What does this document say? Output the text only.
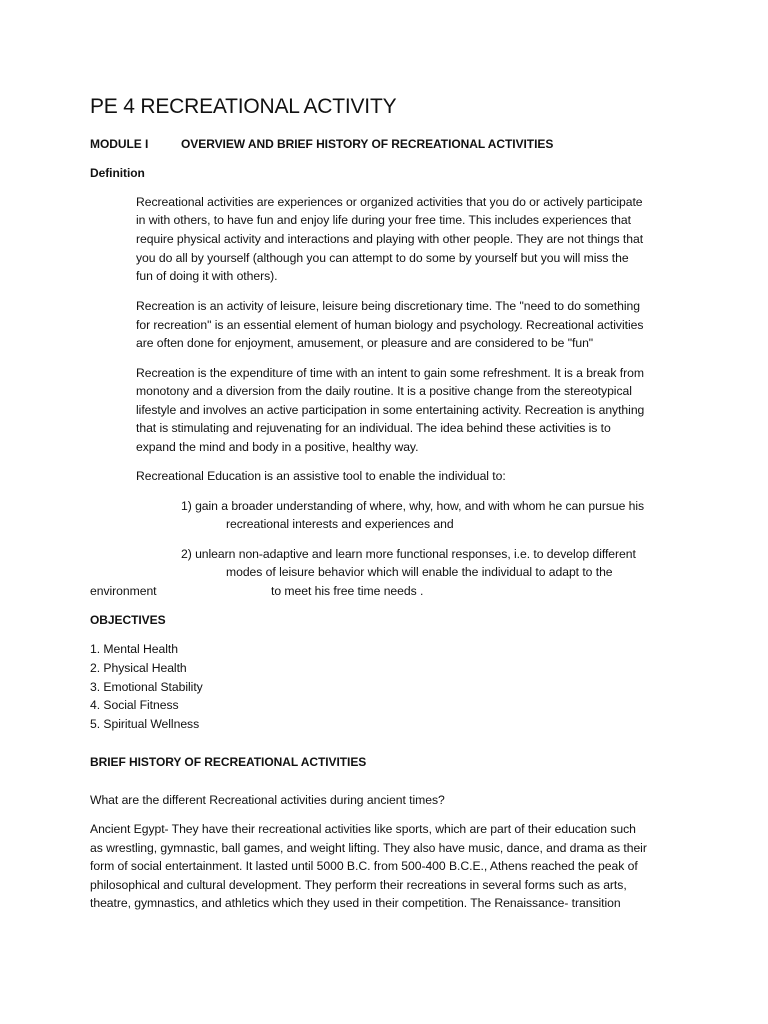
PE 4 RECREATIONAL ACTIVITY
MODULE I	OVERVIEW AND BRIEF HISTORY OF RECREATIONAL ACTIVITIES
Definition
Recreational activities are experiences or organized activities that you do or actively participate
in with others, to have fun and enjoy life during your free time. This includes experiences that
require physical activity and interactions and playing with other people. They are not things that
you do all by yourself (although you can attempt to do some by yourself but you will miss the
fun of doing it with others).
Recreation is an activity of leisure, leisure being discretionary time. The "need to do something
for recreation" is an essential element of human biology and psychology. Recreational activities
are often done for enjoyment, amusement, or pleasure and are considered to be "fun"
Recreation is the expenditure of time with an intent to gain some refreshment. It is a break from
monotony and a diversion from the daily routine. It is a positive change from the stereotypical
lifestyle and involves an active participation in some entertaining activity. Recreation is anything
that is stimulating and rejuvenating for an individual. The idea behind these activities is to
expand the mind and body in a positive, healthy way.
Recreational Education is an assistive tool to enable the individual to:
1) gain a broader understanding of where, why, how, and with whom he can pursue his
recreational interests and experiences and
2) unlearn non-adaptive and learn more functional responses, i.e. to develop different
modes of leisure behavior which will enable the individual to adapt to the
environment	to meet his free time needs .
OBJECTIVES
1. Mental Health
2. Physical Health
3. Emotional Stability
4. Social Fitness
5. Spiritual Wellness
BRIEF HISTORY OF RECREATIONAL ACTIVITIES
What are the different Recreational activities during ancient times?
Ancient Egypt- They have their recreational activities like sports, which are part of their education such
as wrestling, gymnastic, ball games, and weight lifting. They also have music, dance, and drama as their
form of social entertainment. It lasted until 5000 B.C. from 500-400 B.C.E., Athens reached the peak of
philosophical and cultural development. They perform their recreations in several forms such as arts,
theatre, gymnastics, and athletics which they used in their competition. The Renaissance- transition
